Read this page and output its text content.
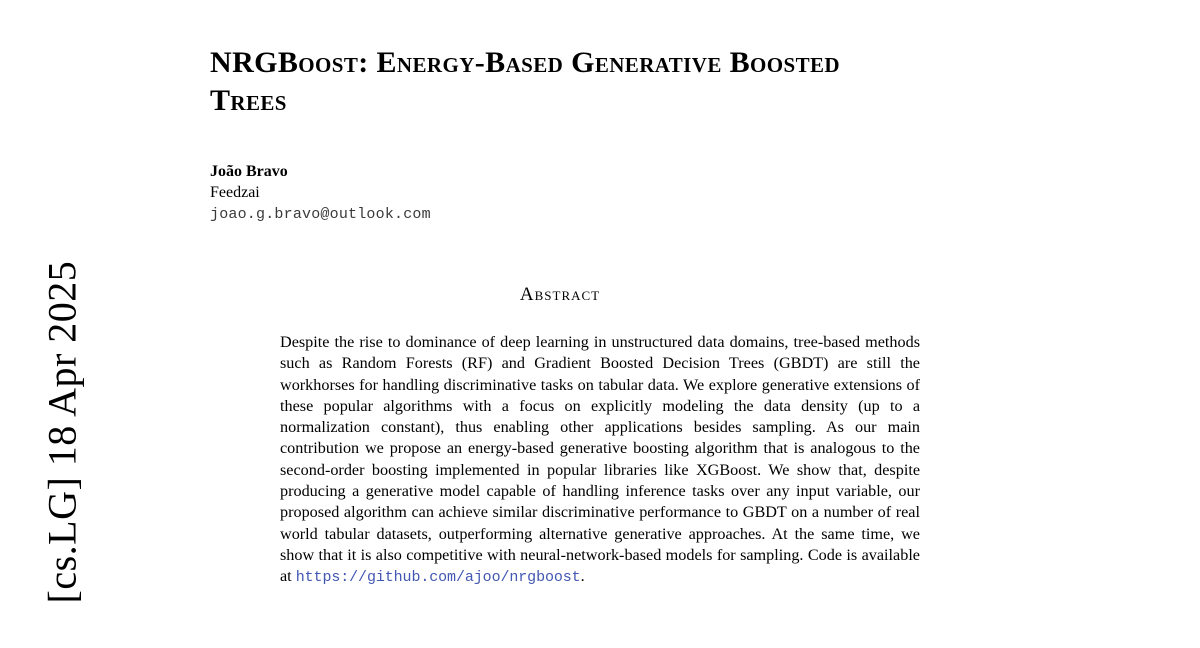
[cs.LG] 18 Apr 2025
NRGBoost: Energy-Based Generative Boosted Trees
João Bravo
Feedzai
joao.g.bravo@outlook.com
Abstract
Despite the rise to dominance of deep learning in unstructured data domains, tree-based methods such as Random Forests (RF) and Gradient Boosted Decision Trees (GBDT) are still the workhorses for handling discriminative tasks on tabular data. We explore generative extensions of these popular algorithms with a focus on explicitly modeling the data density (up to a normalization constant), thus enabling other applications besides sampling. As our main contribution we propose an energy-based generative boosting algorithm that is analogous to the second-order boosting implemented in popular libraries like XGBoost. We show that, despite producing a generative model capable of handling inference tasks over any input variable, our proposed algorithm can achieve similar discriminative performance to GBDT on a number of real world tabular datasets, outperforming alternative generative approaches. At the same time, we show that it is also competitive with neural-network-based models for sampling. Code is available at https://github.com/ajoo/nrgboost.
